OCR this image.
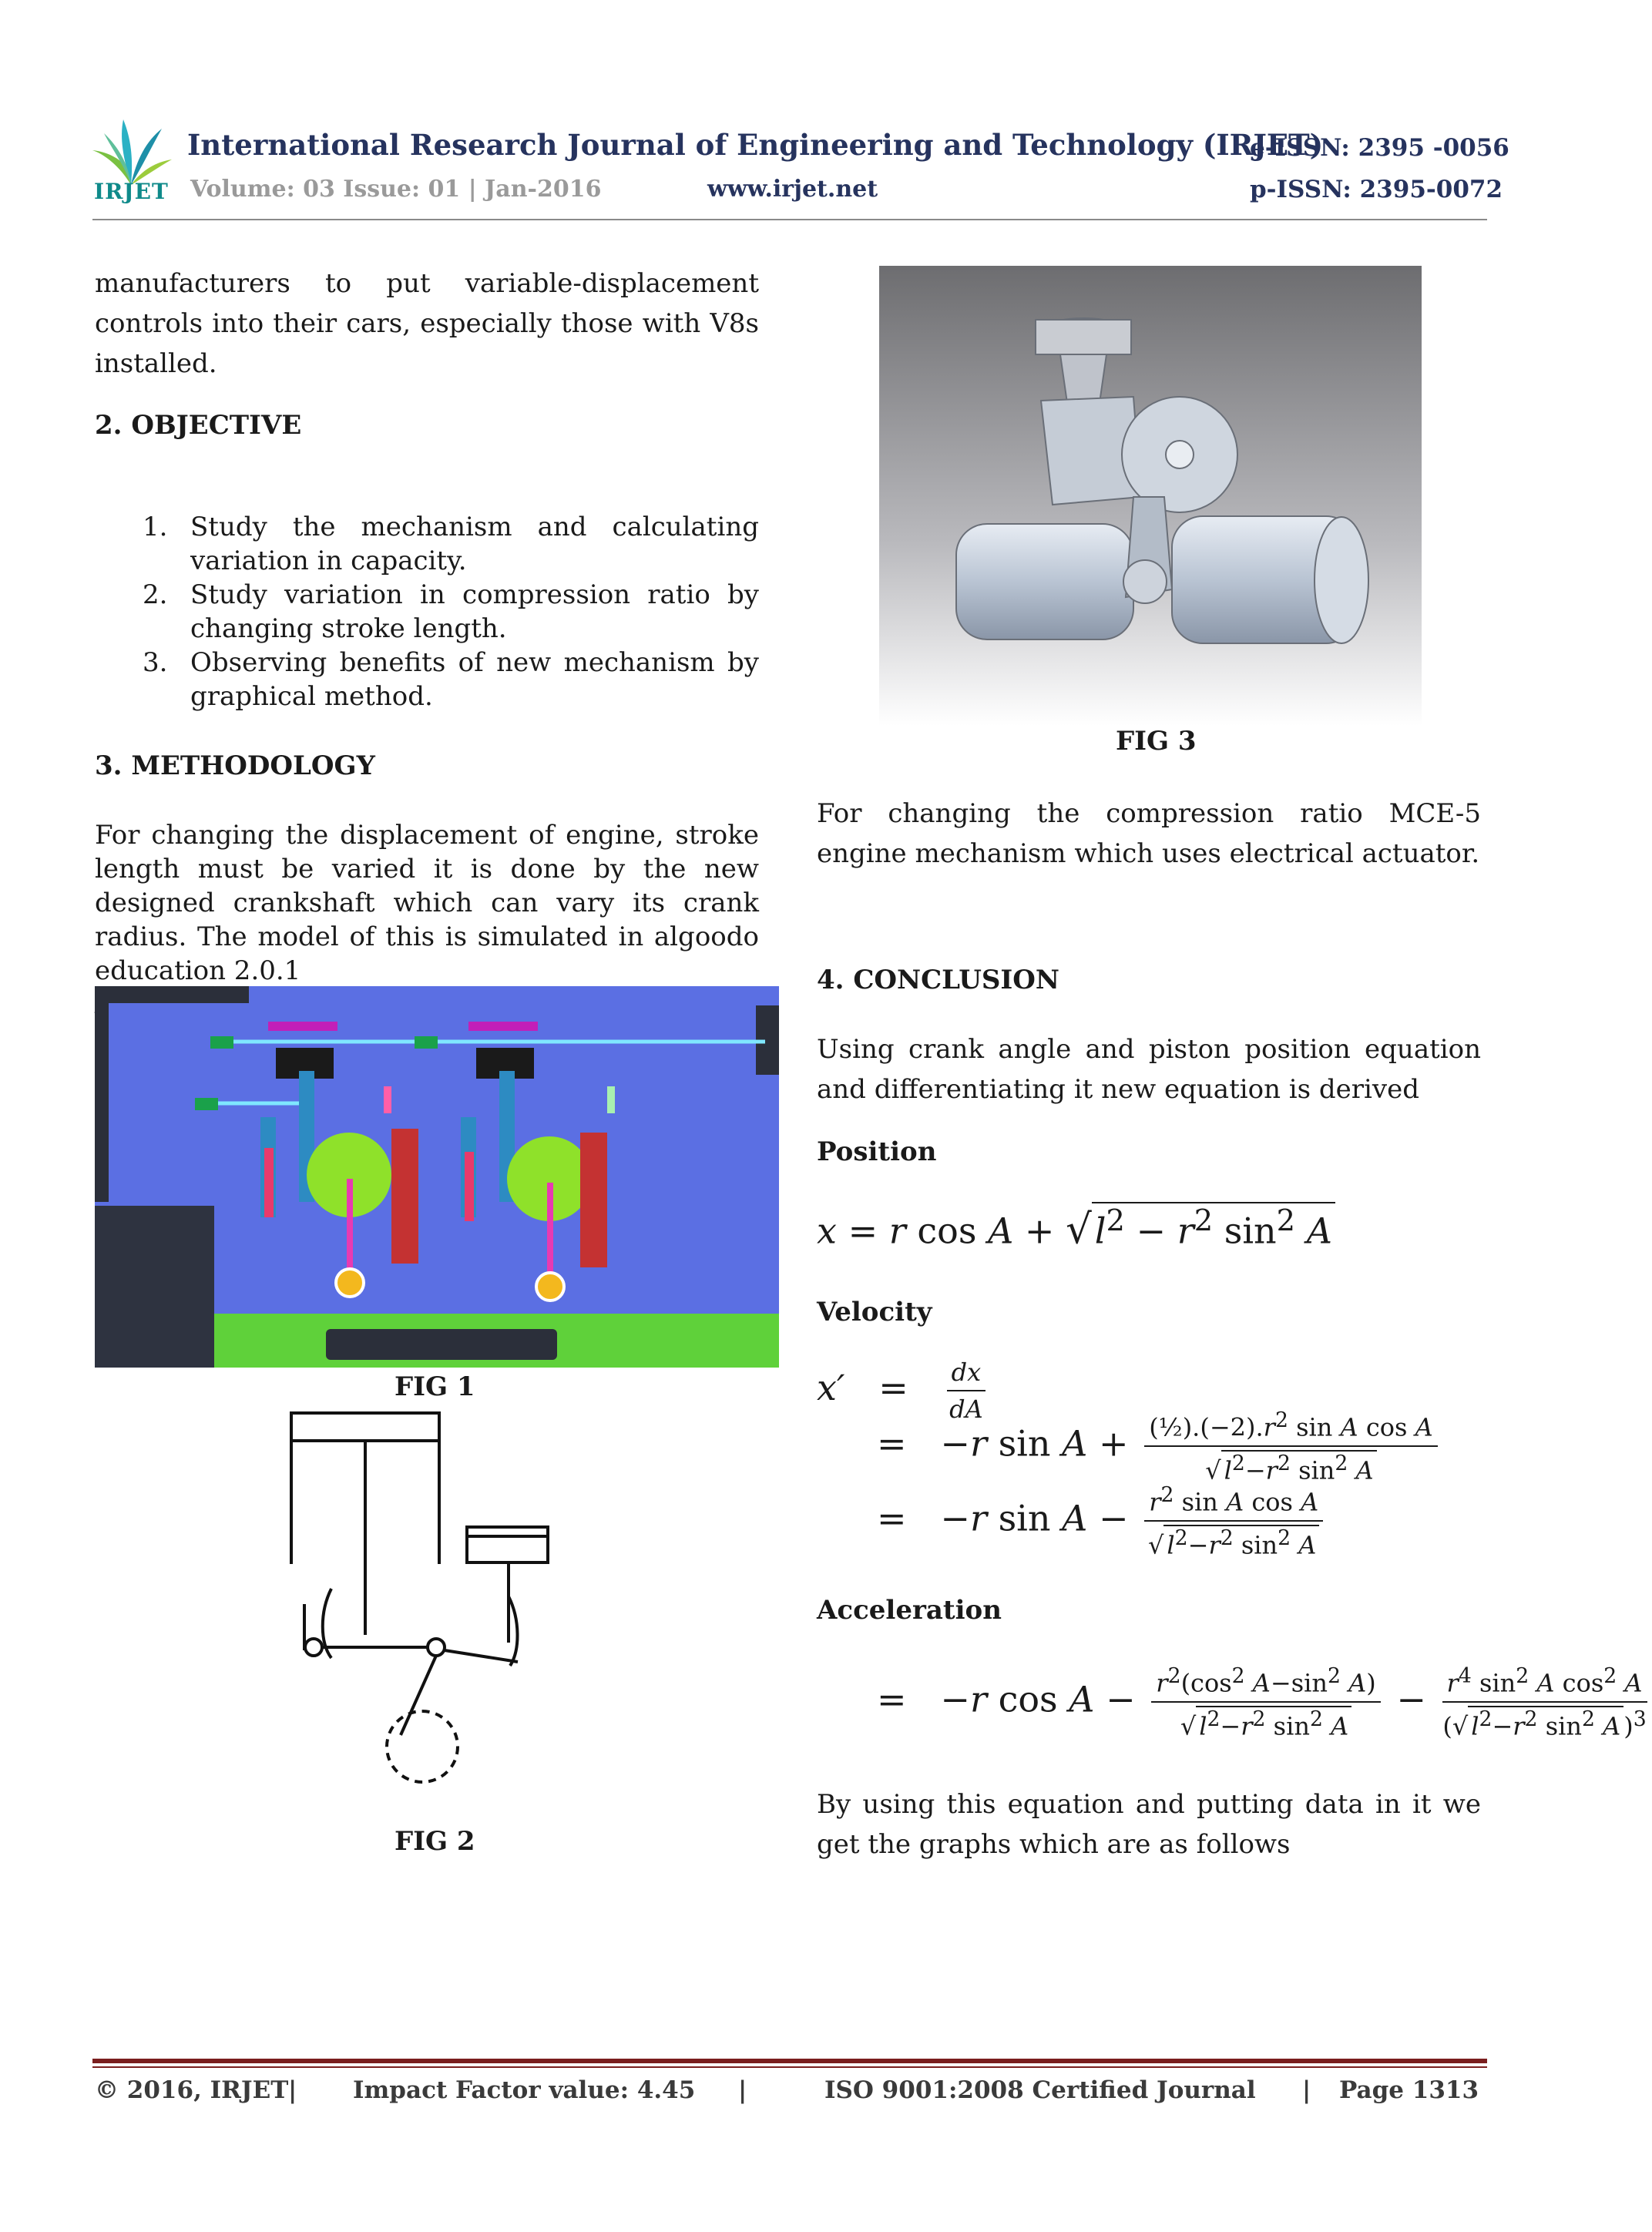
IRJET
International Research Journal of Engineering and Technology (IRJET)
e-ISSN: 2395 -0056
Volume: 03 Issue: 01 | Jan-2016	www.irjet.net	p-ISSN: 2395-0072
manufacturers to put variable-displacement controls into their cars, especially those with V8s installed.
2. OBJECTIVE
1. Study the mechanism and calculating variation in capacity.
2. Study variation in compression ratio by changing stroke length.
3. Observing benefits of new mechanism by graphical method.
3. METHODOLOGY
For changing the displacement of engine, stroke length must be varied it is done by the new designed crankshaft which can vary its crank radius. The model of this is simulated in algoodo education 2.0.1

FIG 1
FIG 2
FIG 3
For changing the compression ratio MCE-5 engine mechanism which uses electrical actuator.
4. CONCLUSION
Using crank angle and piston position equation and differentiating it new equation is derived
Position
x = r $\cos A + √l^2 - r^2$ $\sin^2 A$
Velocity
$x' = \frac{dx}{dA}$
=   −r $\sin A + \frac{(\frac{1}{2}).(-2).r^2 \sin A \cos A}{√ l^2-r^2 \sin^2 A}$
=   −r $\sin A - \frac{r^2 \sin A \cos A}{√ l^2-r^2 \sin^2 A}$
Acceleration
=   −r $\cos A - \frac{r^2(\cos^2 A-\sin^2 A)}{√ l^2-r^2 \sin^2 A} - \frac{r^4 \sin^2 A \cos^2 A}{(√ l^2-r^2 \sin^2 A )^3}$
By using this equation and putting data in it we get the graphs which are as follows
© 2016, IRJET | Impact Factor value: 4.45 |	ISO 9001:2008 Certified Journal | Page 1313
